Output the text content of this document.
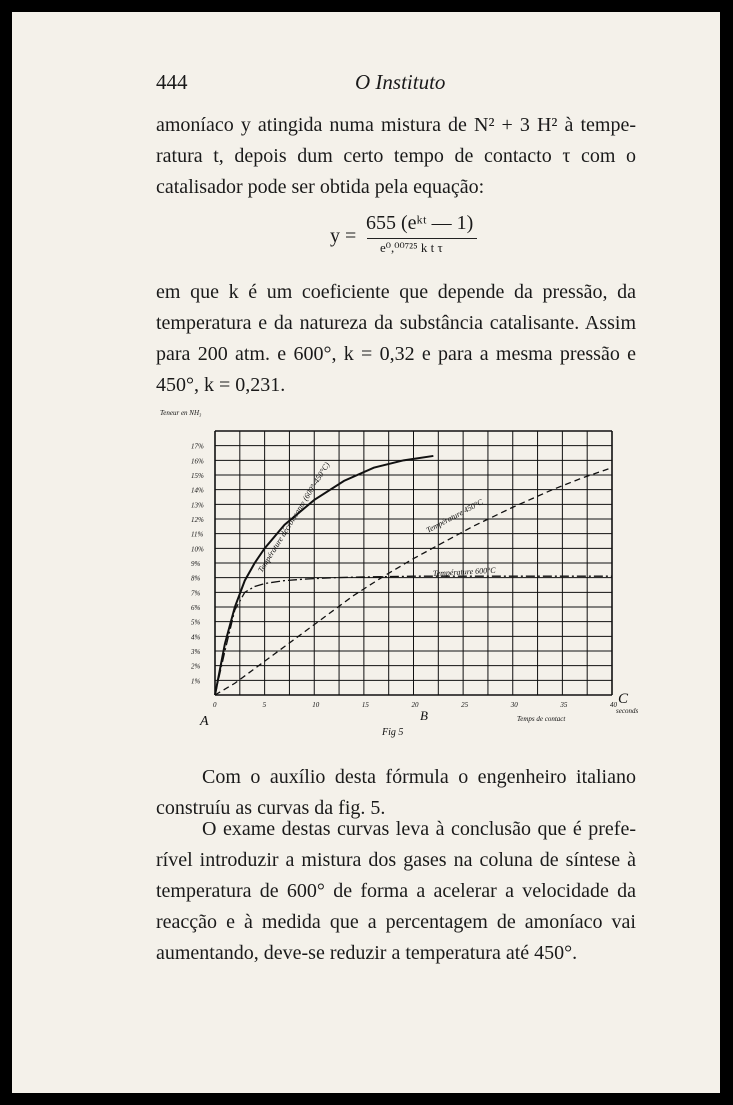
444	O Instituto
amoníaco y atingida numa mistura de N² + 3 H² à tempe-
ratura t, depois dum certo tempo de contacto τ com o
catalisador pode ser obtida pela equação:
y =
655 (eᵏᵗ — 1)
e⁰,⁰⁰⁷²⁵ k t τ
em que k é um coeficiente que depende da pressão, da
temperatura e da natureza da substância catalisante. Assim
para 200 atm. e 600°, k = 0,32 e para a mesma pressão e
450°, k = 0,231.
Teneur en NH₃
1%
2%
3%
4%
5%
6%
7%
8%
9%
10%
11%
12%
13%
14%
15%
16%
17%
0	5	10	15	20	25	30	35	40
A	B
C
Temps de contact
seconds
Fig 5
Température décroissante (600°-450°C)	Température 450°C
Température 600°C
Com o auxílio desta fórmula o engenheiro italiano
construíu as curvas da fig. 5.
O exame destas curvas leva à conclusão que é prefe-
rível introduzir a mistura dos gases na coluna de síntese à
temperatura de 600° de forma a acelerar a velocidade da
reacção e à medida que a percentagem de amoníaco vai
aumentando, deve-se reduzir a temperatura até 450°.
